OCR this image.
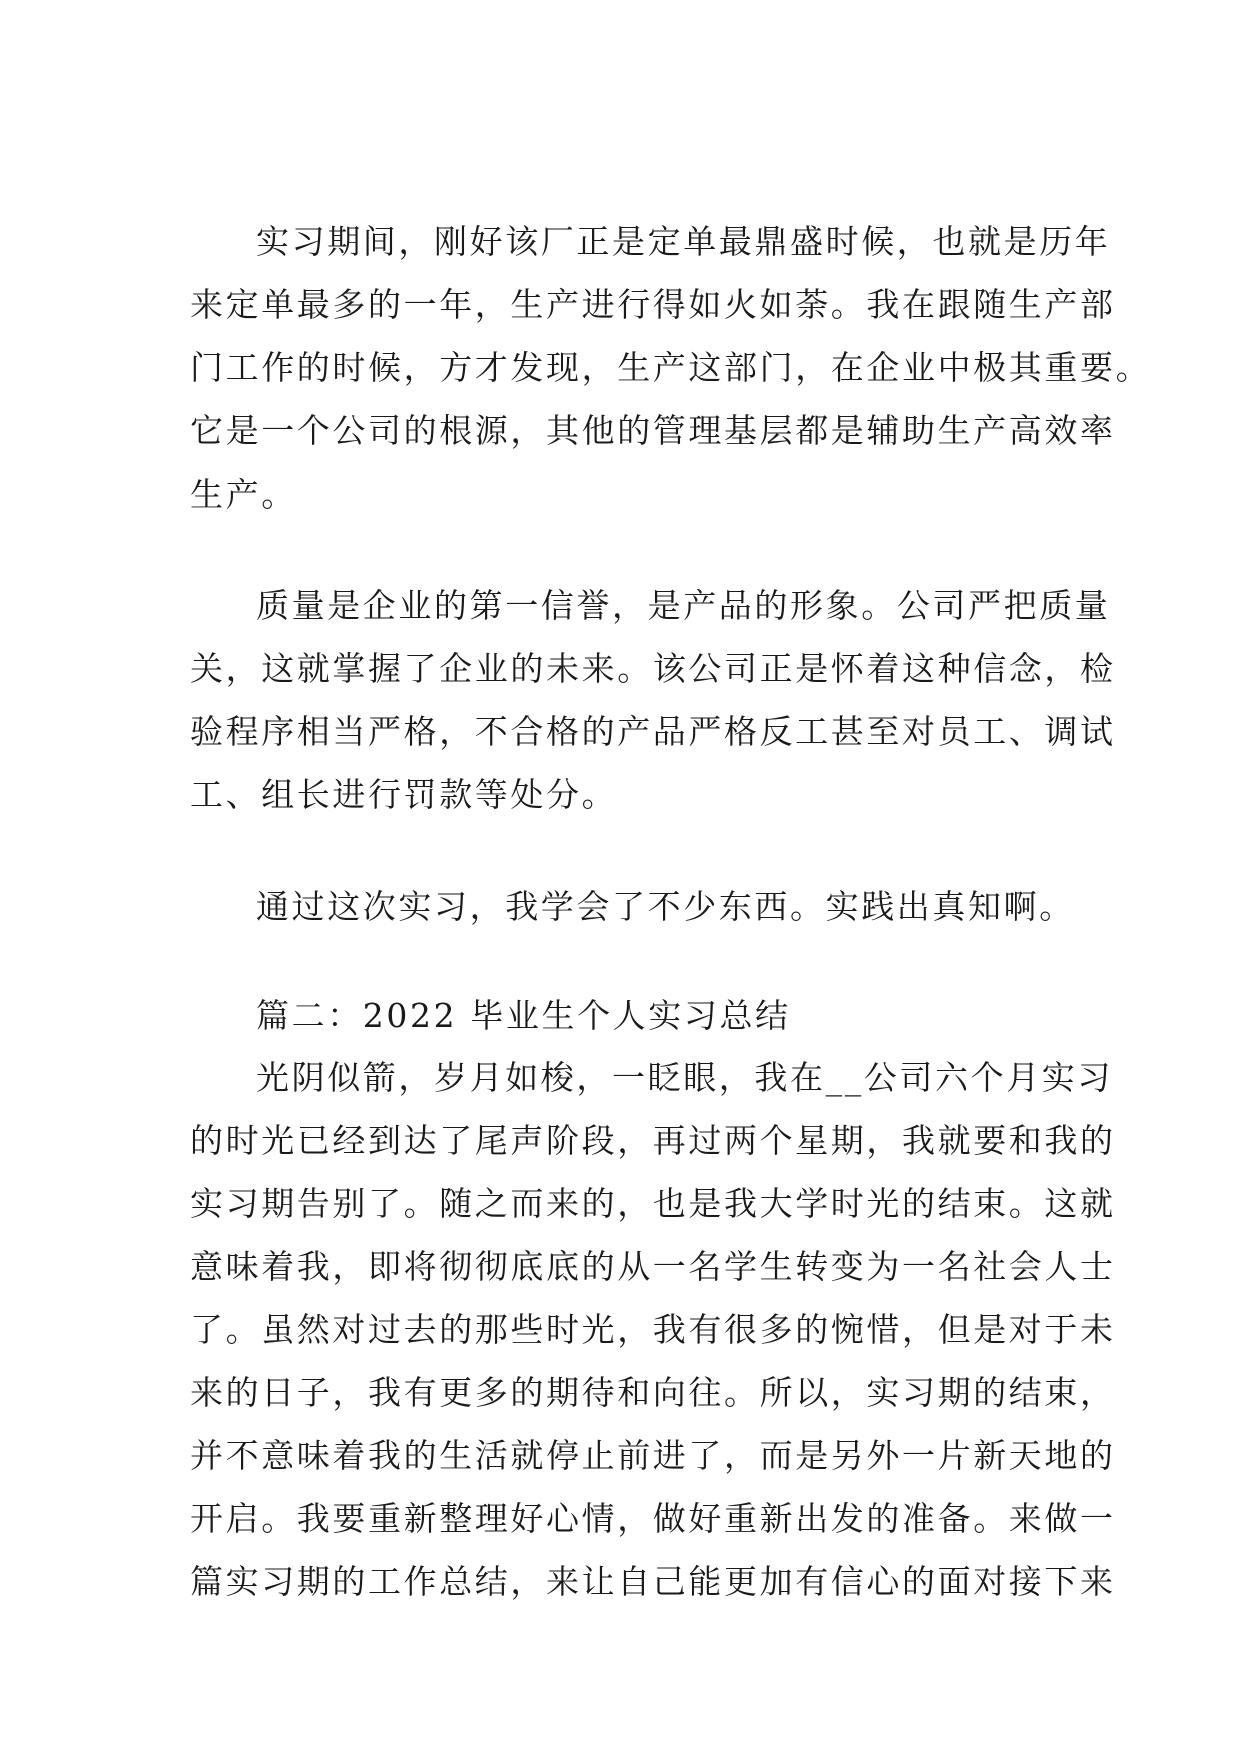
实习期间，刚好该厂正是定单最鼎盛时候，也就是历年
来定单最多的一年，生产进行得如火如荼。我在跟随生产部
门工作的时候，方才发现，生产这部门，在企业中极其重要。
它是一个公司的根源，其他的管理基层都是辅助生产高效率
生产。
质量是企业的第一信誉，是产品的形象。公司严把质量
关，这就掌握了企业的未来。该公司正是怀着这种信念，检
验程序相当严格，不合格的产品严格反工甚至对员工、调试
工、组长进行罚款等处分。
通过这次实习，我学会了不少东西。实践出真知啊。
篇二：2022 毕业生个人实习总结
光阴似箭，岁月如梭，一眨眼，我在__公司六个月实习
的时光已经到达了尾声阶段，再过两个星期，我就要和我的
实习期告别了。随之而来的，也是我大学时光的结束。这就
意味着我，即将彻彻底底的从一名学生转变为一名社会人士
了。虽然对过去的那些时光，我有很多的惋惜，但是对于未
来的日子，我有更多的期待和向往。所以，实习期的结束，
并不意味着我的生活就停止前进了，而是另外一片新天地的
开启。我要重新整理好心情，做好重新出发的准备。来做一
篇实习期的工作总结，来让自己能更加有信心的面对接下来
